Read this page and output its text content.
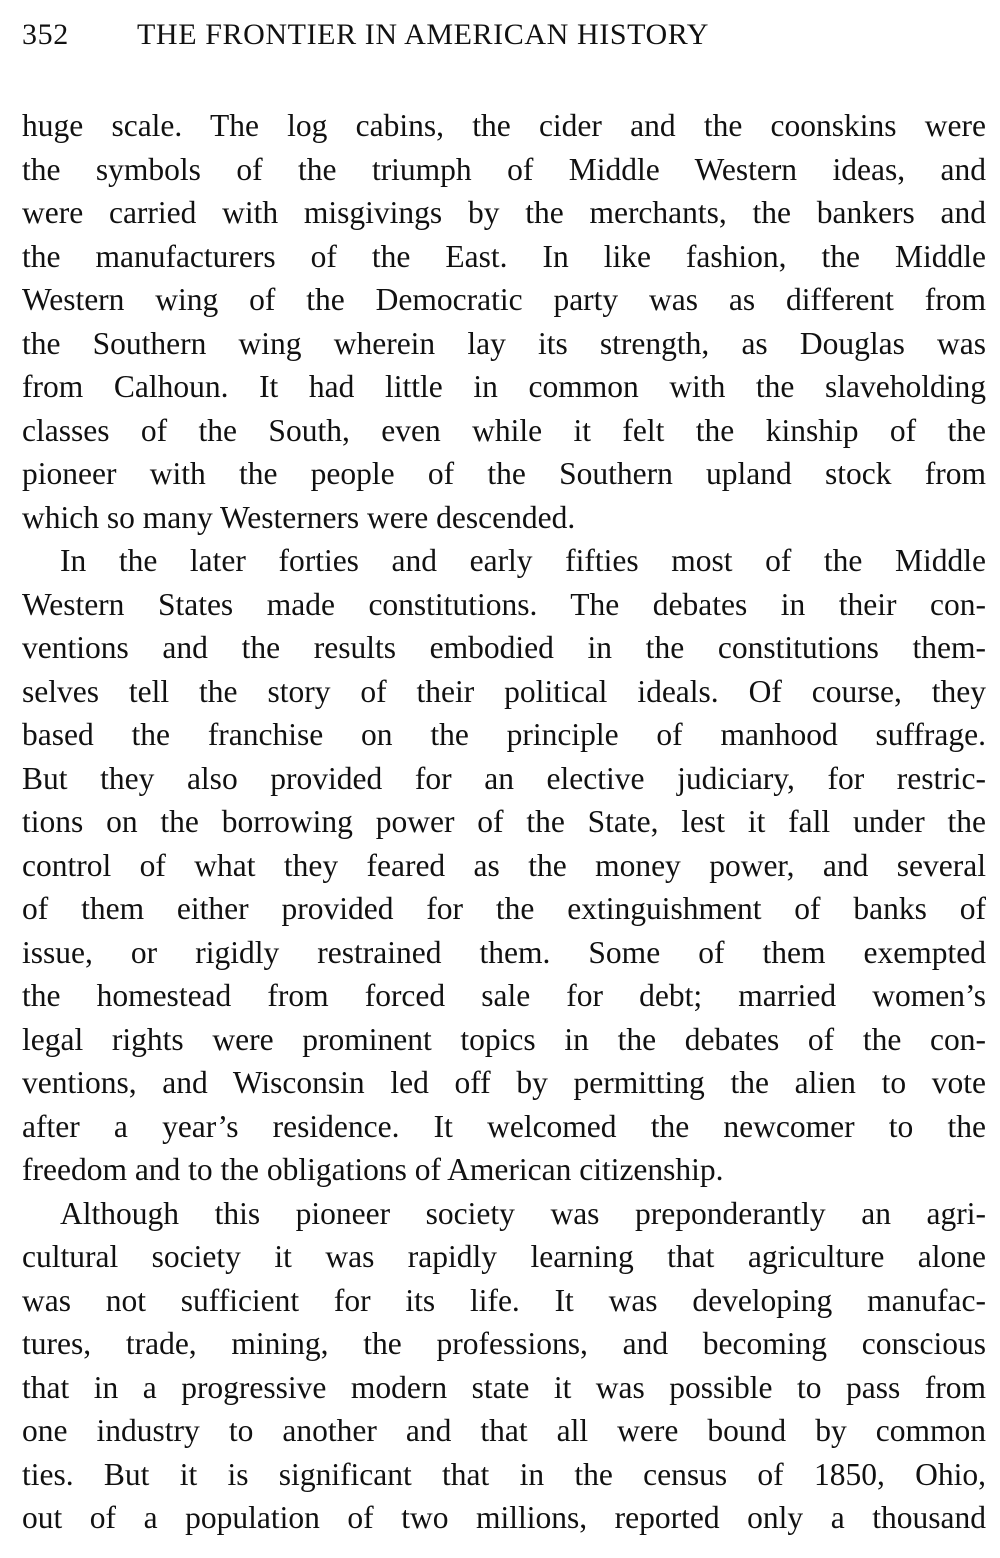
352	THE FRONTIER IN AMERICAN HISTORY
huge scale. The log cabins, the cider and the coonskins were
the symbols of the triumph of Middle Western ideas, and
were carried with misgivings by the merchants, the bankers and
the manufacturers of the East. In like fashion, the Middle
Western wing of the Democratic party was as different from
the Southern wing wherein lay its strength, as Douglas was
from Calhoun. It had little in common with the slaveholding
classes of the South, even while it felt the kinship of the
pioneer with the people of the Southern upland stock from
which so many Westerners were descended.
In the later forties and early fifties most of the Middle
Western States made constitutions. The debates in their con-
ventions and the results embodied in the constitutions them-
selves tell the story of their political ideals. Of course, they
based the franchise on the principle of manhood suffrage.
But they also provided for an elective judiciary, for restric-
tions on the borrowing power of the State, lest it fall under the
control of what they feared as the money power, and several
of them either provided for the extinguishment of banks of
issue, or rigidly restrained them. Some of them exempted
the homestead from forced sale for debt; married women’s
legal rights were prominent topics in the debates of the con-
ventions, and Wisconsin led off by permitting the alien to vote
after a year’s residence. It welcomed the newcomer to the
freedom and to the obligations of American citizenship.
Although this pioneer society was preponderantly an agri-
cultural society it was rapidly learning that agriculture alone
was not sufficient for its life. It was developing manufac-
tures, trade, mining, the professions, and becoming conscious
that in a progressive modern state it was possible to pass from
one industry to another and that all were bound by common
ties. But it is significant that in the census of 1850, Ohio,
out of a population of two millions, reported only a thousand
